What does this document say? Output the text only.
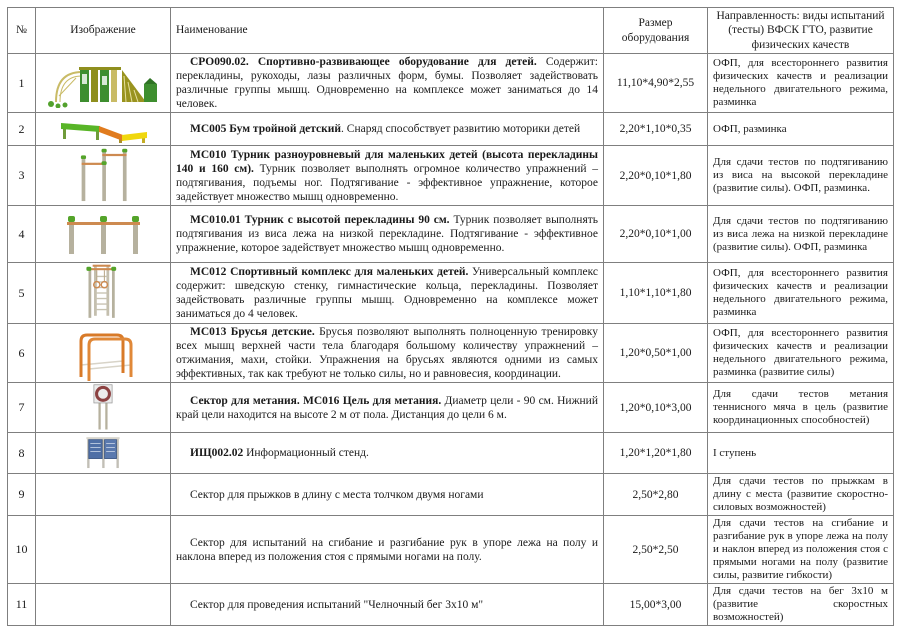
№	Изображение	Наименование	Размер оборудования	Направленность: виды испытаний (тесты) ВФСК ГТО, развитие физических качеств
1		СРО090.02. Спортивно-развивающее оборудование для детей. Содержит: перекладины, рукоходы, лазы различных форм, бумы. Позволяет задействовать различные группы мышц. Одновременно на комплексе может заниматься до 14 человек.	11,10*4,90*2,55	ОФП, для всестороннего развития физических качеств и реализации недельного двигательного режима, разминка
2		МС005 Бум тройной детский. Снаряд способствует развитию моторики детей	2,20*1,10*0,35	ОФП, разминка
3		МС010 Турник разноуровневый для маленьких детей (высота перекладины 140 и 160 см). Турник позволяет выполнять огромное количество упражнений – подтягивания, подъемы ног. Подтягивание - эффективное упражнение, которое задействует множество мышц одновременно.	2,20*0,10*1,80	Для сдачи тестов по подтягиванию из виса на высокой перекладине (развитие силы). ОФП, разминка.
4		МС010.01 Турник с высотой перекладины 90 см. Турник позволяет выполнять подтягивания из виса лежа на низкой перекладине. Подтягивание - эффективное упражнение, которое задействует множество мышц одновременно.	2,20*0,10*1,00	Для сдачи тестов по подтягиванию из виса лежа на низкой перекладине (развитие силы). ОФП, разминка
5		МС012 Спортивный комплекс для маленьких детей. Универсальный комплекс содержит: шведскую стенку, гимнастические кольца, перекладины. Позволяет задействовать различные группы мышц. Одновременно на комплексе может заниматься до 4 человек.	1,10*1,10*1,80	ОФП, для всестороннего развития физических качеств и реализации недельного двигательного режима, разминка
6		МС013 Брусья детские. Брусья позволяют выполнять полноценную тренировку всех мышц верхней части тела благодаря большому количеству упражнений – отжимания, махи, стойки. Упражнения на брусьях являются одними из самых эффективных, так как требуют не только силы, но и равновесия, координации.	1,20*0,50*1,00	ОФП, для всестороннего развития физических качеств и реализации недельного двигательного режима, разминка (развитие силы)
7		Сектор для метания. МС016 Цель для метания. Диаметр цели - 90 см. Нижний край цели находится на высоте 2 м от пола. Дистанция до цели 6 м.	1,20*0,10*3,00	Для сдачи тестов метания теннисного мяча в цель (развитие координационных способностей)
8		ИЩ002.02 Информационный стенд.	1,20*1,20*1,80	I ступень
9		Сектор для прыжков в длину с места толчком двумя ногами	2,50*2,80	Для сдачи тестов по прыжкам в длину с места (развитие скоростно-силовых возможностей)
10		Сектор для испытаний на сгибание и разгибание рук в упоре лежа на полу и наклона вперед из положения стоя с прямыми ногами на полу.	2,50*2,50	Для сдачи тестов на сгибание и разгибание рук в упоре лежа на полу и наклон вперед из положения стоя с прямыми ногами на полу (развитие силы, развитие гибкости)
11		Сектор для проведения испытаний "Челночный бег 3х10 м"	15,00*3,00	Для сдачи тестов на бег 3х10 м (развитие скоростных возможностей)
